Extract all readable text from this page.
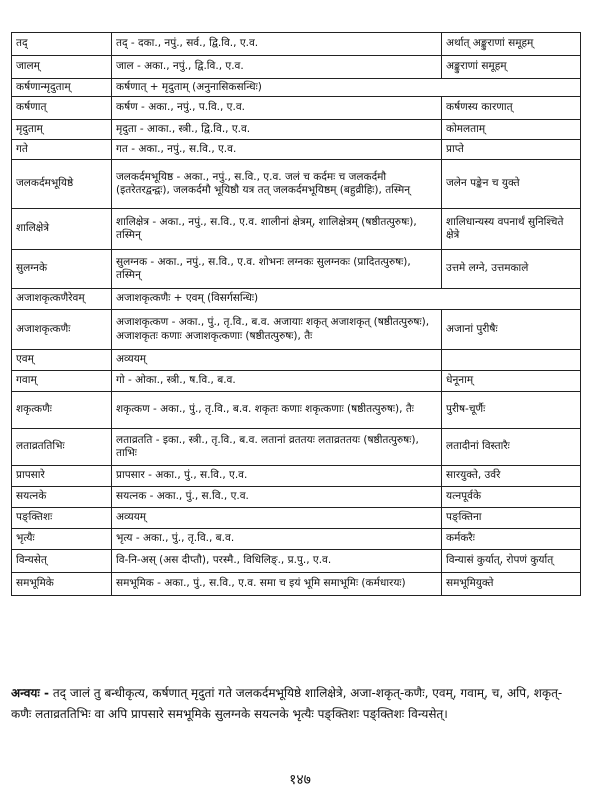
तद्	तद् - दका., नपुं., सर्व., द्वि.वि., ए.व.	अर्थात् अङ्कुराणां समूहम्
जालम्	जाल - अका., नपुं., द्वि.वि., ए.व.	अङ्कुराणां समूहम्
कर्षणान्मृदुताम्	कर्षणात् + मृदुताम् (अनुनासिकसन्धिः)	
कर्षणात्	कर्षण - अका., नपुं., प.वि., ए.व.	कर्षणस्य कारणात्
मृदुताम्	मृदुता - आका., स्त्री., द्वि.वि., ए.व.	कोमलताम्
गते	गत - अका., नपुं., स.वि., ए.व.	प्राप्ते
जलकर्दमभूयिष्ठे	जलकर्दमभूयिष्ठ - अका., नपुं., स.वि., ए.व. जलं च कर्दमः च जलकर्दमौ (इतरेतरद्वन्द्वः), जलकर्दमौ भूयिष्ठौ यत्र तत् जलकर्दमभूयिष्ठम् (बहुव्रीहिः), तस्मिन्	जलेन पङ्केन च युक्ते
शालिक्षेत्रे	शालिक्षेत्र - अका., नपुं., स.वि., ए.व. शालीनां क्षेत्रम्, शालिक्षेत्रम् (षष्ठीतत्पुरुषः), तस्मिन्	शालिधान्यस्य वपनार्थं सुनिश्चिते क्षेत्रे
सुलग्नके	सुलग्नक - अका., नपुं., स.वि., ए.व. शोभनः लग्नकः सुलग्नकः (प्रादितत्पुरुषः), तस्मिन्	उत्तमे लग्ने, उत्तमकाले
अजाशकृत्कणैरेवम्	अजाशकृत्कणैः + एवम् (विसर्गसन्धिः)	
अजाशकृत्कणैः	अजाशकृत्कण - अका., पुं., तृ.वि., ब.व. अजायाः शकृत् अजाशकृत् (षष्ठीतत्पुरुषः), अजाशकृतः कणाः अजाशकृत्कणाः (षष्ठीतत्पुरुषः), तैः	अजानां पुरीषैः
एवम्	अव्ययम्	
गवाम्	गो - ओका., स्त्री., ष.वि., ब.व.	धेनूनाम्
शकृत्कणैः	शकृत्कण - अका., पुं., तृ.वि., ब.व. शकृतः कणाः शकृत्कणाः (षष्ठीतत्पुरुषः), तैः	पुरीष-चूर्णैः
लताव्रततिभिः	लताव्रतति - इका., स्त्री., तृ.वि., ब.व. लतानां व्रततयः लताव्रततयः (षष्ठीतत्पुरुषः), ताभिः	लतादीनां विस्तारैः
प्रापसारे	प्रापसार - अका., पुं., स.वि., ए.व.	सारयुक्ते, उर्वरे
सयत्नके	सयत्नक - अका., पुं., स.वि., ए.व.	यत्नपूर्वके
पङ्क्तिशः	अव्ययम्	पङ्क्तिना
भृत्यैः	भृत्य - अका., पुं., तृ.वि., ब.व.	कर्मकरैः
विन्यसेत्	वि-नि-अस् (अस दीप्तौ), परस्मै., विधिलिङ्., प्र.पु., ए.व.	विन्यासं कुर्यात्, रोपणं कुर्यात्
समभूमिके	समभूमिक - अका., पुं., स.वि., ए.व. समा च इयं भूमि समाभूमिः (कर्मधारयः)	समभूमियुक्ते
अन्वयः - तद् जालं तु बन्धीकृत्य, कर्षणात् मृदुतां गते जलकर्दमभूयिष्ठे शालिक्षेत्रे, अजा-शकृत्-कणैः, एवम्, गवाम्, च, अपि, शकृत्-कणैः लताव्रततिभिः वा अपि प्रापसारे समभूमिके सुलग्नके सयत्नके भृत्यैः पङ्क्तिशः पङ्क्तिशः विन्यसेत्।
१४७
